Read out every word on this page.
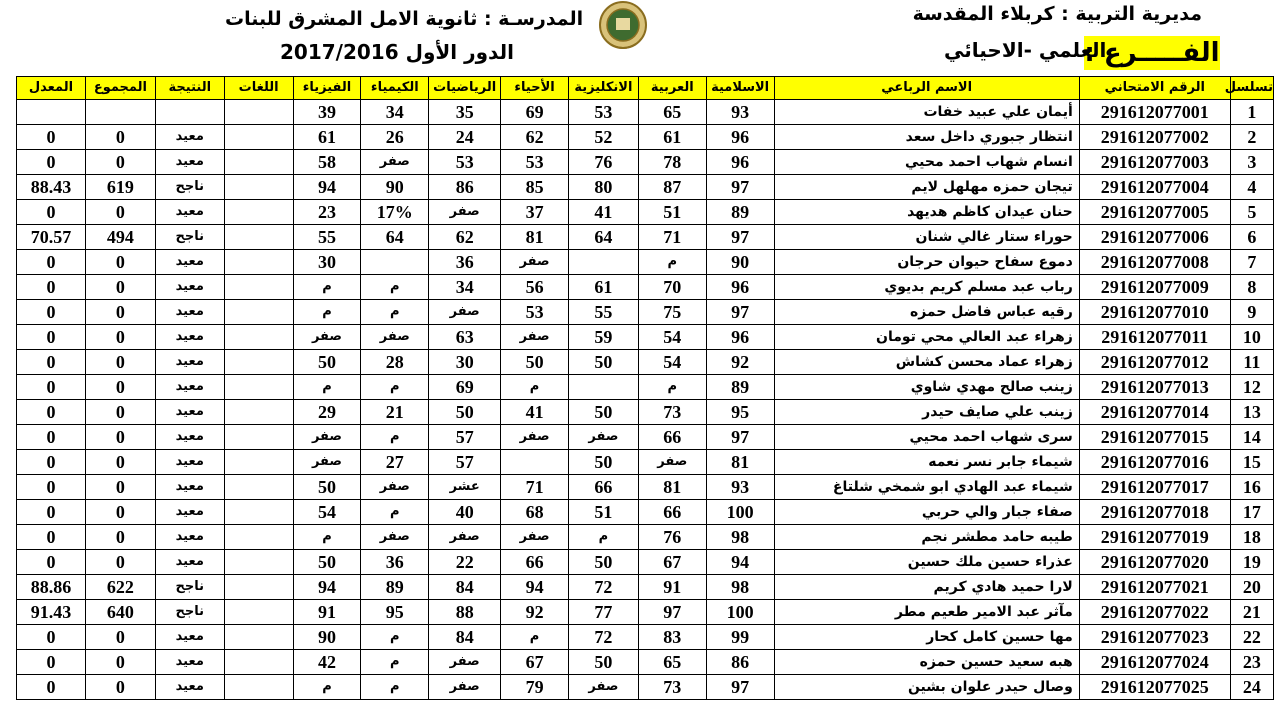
المدرسـة : ثانوية الامل المشرق للبنات
الدور الأول 2017/2016
مديرية التربية : كربلاء المقدسة
الفـــــرع :
العلمي -الاحيائي
تسلسل	الرقم الامتحاني	الاسم الرباعي	الاسلامية	العربية	الانكليزية	الأحياء	الرياضيات	الكيمياء	الفيزياء	اللغات	النتيجة	المجموع	المعدل
1	291612077001	أيمان علي عبيد خفات	93	65	53	69	35	34	39				
2	291612077002	انتظار جبوري داخل سعد	96	61	52	62	24	26	61		معيد	0	0
3	291612077003	انسام شهاب احمد محيي	96	78	76	53	53	صفر	58		معيد	0	0
4	291612077004	تيجان حمزه مهلهل لايم	97	87	80	85	86	90	94		ناجح	619	88.43
5	291612077005	حنان عيدان كاظم هديهد	89	51	41	37	صفر	17%	23		معيد	0	0
6	291612077006	حوراء ستار غالي شنان	97	71	64	81	62	64	55		ناجح	494	70.57
7	291612077008	دموع سفاح حيوان حرجان	90	م		صفر	36		30		معيد	0	0
8	291612077009	رباب عبد مسلم كريم بديوي	96	70	61	56	34	م	م		معيد	0	0
9	291612077010	رقيه عباس فاضل حمزه	97	75	55	53	صفر	م	م		معيد	0	0
10	291612077011	زهراء عبد العالي محي تومان	96	54	59	صفر	63	صفر	صفر		معيد	0	0
11	291612077012	زهراء عماد محسن كشاش	92	54	50	50	30	28	50		معيد	0	0
12	291612077013	زينب صالح مهدي شاوي	89	م		م	69	م	م		معيد	0	0
13	291612077014	زينب علي صايف حيدر	95	73	50	41	50	21	29		معيد	0	0
14	291612077015	سرى شهاب احمد محيي	97	66	صفر	صفر	57	م	صفر		معيد	0	0
15	291612077016	شيماء جابر نسر نعمه	81	صفر	50		57	27	صفر		معيد	0	0
16	291612077017	شيماء عبد الهادي ابو شمخي شلتاغ	93	81	66	71	عشر	صفر	50		معيد	0	0
17	291612077018	صفاء جبار والي حربي	100	66	51	68	40	م	54		معيد	0	0
18	291612077019	طيبه حامد مطشر نجم	98	76	م	صفر	صفر	صفر	م		معيد	0	0
19	291612077020	عذراء حسين ملك حسين	94	67	50	66	22	36	50		معيد	0	0
20	291612077021	لارا حميد هادي كريم	98	91	72	94	84	89	94		ناجح	622	88.86
21	291612077022	مآثر عبد الامير طعيم مطر	100	97	77	92	88	95	91		ناجح	640	91.43
22	291612077023	مها حسين كامل كحار	99	83	72	م	84	م	90		معيد	0	0
23	291612077024	هبه سعيد حسين حمزه	86	65	50	67	صفر	م	42		معيد	0	0
24	291612077025	وصال حيدر علوان بشين	97	73	صفر	79	صفر	م	م		معيد	0	0
